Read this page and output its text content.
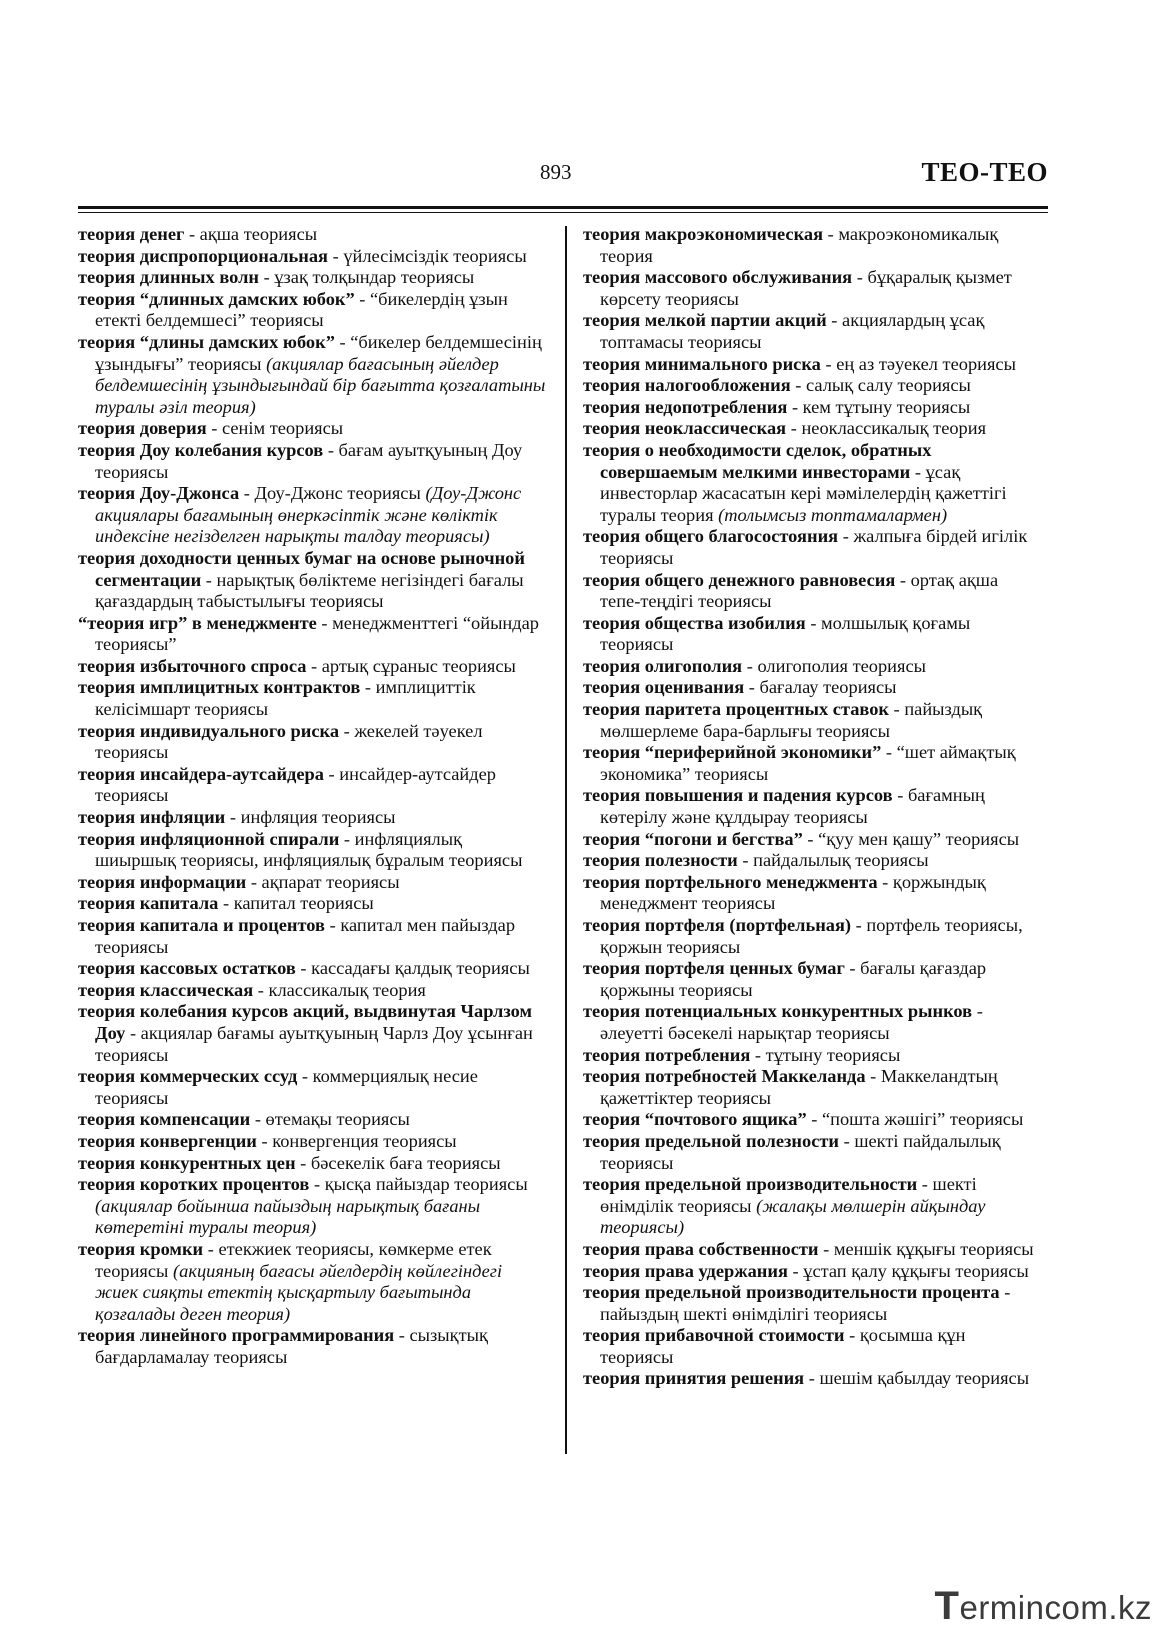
893	ТЕО-ТЕО
теория денег - ақша теориясы
теория диспропорциональная - үйлесімсіздік теориясы
теория длинных волн - ұзақ толқындар теориясы
теория “длинных дамских юбок” - “бикелердің ұзын етекті белдемшесі” теориясы
теория “длины дамских юбок” - “бикелер белдемшесінің ұзындығы” теориясы (акциялар бағасының әйелдер белдемшесінің ұзындығындай бір бағытта қозғалатыны туралы әзіл теория)
теория доверия - сенім теориясы
теория Доу колебания курсов - бағам ауытқуының Доу теориясы
теория Доу-Джонса - Доу-Джонс теориясы (Доу-Джонс акциялары бағамының өнеркәсіптік және көліктік индексіне негізделген нарықты талдау теориясы)
теория доходности ценных бумаг на основе рыночной сегментации - нарықтық бөліктеме негізіндегі бағалы қағаздардың табыстылығы теориясы
“теория игр” в менеджменте - менеджменттегі “ойындар теориясы”
теория избыточного спроса - артық сұраныс теориясы
теория имплицитных контрактов - имплициттік келісімшарт теориясы
теория индивидуального риска - жекелей тәуекел теориясы
теория инсайдера-аутсайдера - инсайдер-аутсайдер теориясы
теория инфляции - инфляция теориясы
теория инфляционной спирали - инфляциялық шиыршық теориясы, инфляциялық бұралым теориясы
теория информации - ақпарат теориясы
теория капитала - капитал теориясы
теория капитала и процентов - капитал мен пайыздар теориясы
теория кассовых остатков - кассадағы қалдық теориясы
теория классическая - классикалық теория
теория колебания курсов акций, выдвинутая Чарлзом Доу - акциялар бағамы ауытқуының Чарлз Доу ұсынған теориясы
теория коммерческих ссуд - коммерциялық несие теориясы
теория компенсации - өтемақы теориясы
теория конвергенции - конвергенция теориясы
теория конкурентных цен - бәсекелік баға теориясы
теория коротких процентов - қысқа пайыздар теориясы (акциялар бойынша пайыздың нарықтық бағаны көтеретіні туралы теория)
теория кромки - етекжиек теориясы, көмкерме етек теориясы (акцияның бағасы әйелдердің көйлегіндегі жиек сияқты етектің қысқартылу бағытында қозғалады деген теория)
теория линейного программирования - сызықтық бағдарламалау теориясы
теория макроэкономическая - макроэкономикалық теория
теория массового обслуживания - бұқаралық қызмет көрсету теориясы
теория мелкой партии акций - акциялардың ұсақ топтамасы теориясы
теория минимального риска - ең аз тәуекел теориясы
теория налогообложения - салық салу теориясы
теория недопотребления - кем тұтыну теориясы
теория неоклассическая - неоклассикалық теория
теория о необходимости сделок, обратных совершаемым мелкими инвесторами - ұсақ инвесторлар жасасатын кері мәмілелердің қажеттігі туралы теория (толымсыз топтамалармен)
теория общего благосостояния - жалпыға бірдей игілік теориясы
теория общего денежного равновесия - ортақ ақша тепе-теңдігі теориясы
теория общества изобилия - молшылық қоғамы теориясы
теория олигополия - олигополия теориясы
теория оценивания - бағалау теориясы
теория паритета процентных ставок - пайыздық мөлшерлеме бара-барлығы теориясы
теория “периферийной экономики” - “шет аймақтық экономика” теориясы
теория повышения и падения курсов - бағамның көтерілу және құлдырау теориясы
теория “погони и бегства” - “қуу мен қашу” теориясы
теория полезности - пайдалылық теориясы
теория портфельного менеджмента - қоржындық менеджмент теориясы
теория портфеля (портфельная) - портфель теориясы, қоржын теориясы
теория портфеля ценных бумаг - бағалы қағаздар қоржыны теориясы
теория потенциальных конкурентных рынков - әлеуетті бәсекелі нарықтар теориясы
теория потребления - тұтыну теориясы
теория потребностей Маккеланда - Маккеландтың қажеттіктер теориясы
теория “почтового ящика” - “пошта жәшігі” теориясы
теория предельной полезности - шекті пайдалылық теориясы
теория предельной производительности - шекті өнімділік теориясы (жалақы мөлшерін айқындау теориясы)
теория права собственности - меншік құқығы теориясы
теория права удержания - ұстап қалу құқығы теориясы
теория предельной производительности процента - пайыздың шекті өнімділігі теориясы
теория прибавочной стоимости - қосымша құн теориясы
теория принятия решения - шешім қабылдау теориясы
Termincom.kz
